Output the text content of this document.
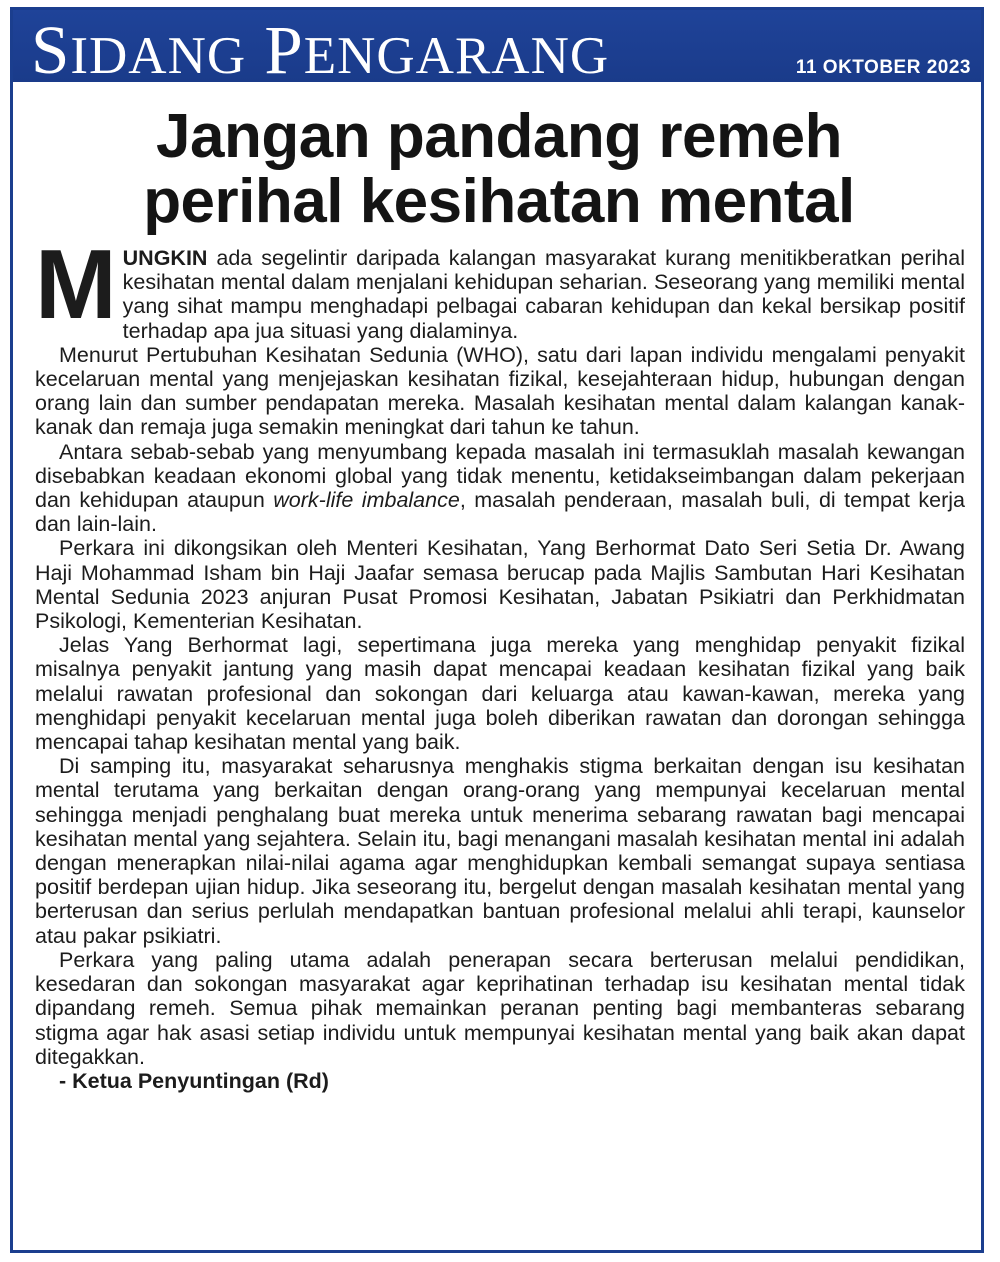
SIDANG PENGARANG	11 OKTOBER 2023
Jangan pandang remeh
perihal kesihatan mental

MUNGKIN ada segelintir daripada kalangan masyarakat kurang menitikberatkan perihal kesihatan mental dalam menjalani kehidupan seharian. Seseorang yang memiliki mental yang sihat mampu menghadapi pelbagai cabaran kehidupan dan kekal bersikap positif terhadap apa jua situasi yang dialaminya.

Menurut Pertubuhan Kesihatan Sedunia (WHO), satu dari lapan individu mengalami penyakit kecelaruan mental yang menjejaskan kesihatan fizikal, kesejahteraan hidup, hubungan dengan orang lain dan sumber pendapatan mereka. Masalah kesihatan mental dalam kalangan kanak-kanak dan remaja juga semakin meningkat dari tahun ke tahun.

Antara sebab-sebab yang menyumbang kepada masalah ini termasuklah masalah kewangan disebabkan keadaan ekonomi global yang tidak menentu, ketidakseimbangan dalam pekerjaan dan kehidupan ataupun work-life imbalance, masalah penderaan, masalah buli, di tempat kerja dan lain-lain.

Perkara ini dikongsikan oleh Menteri Kesihatan, Yang Berhormat Dato Seri Setia Dr. Awang Haji Mohammad Isham bin Haji Jaafar semasa berucap pada Majlis Sambutan Hari Kesihatan Mental Sedunia 2023 anjuran Pusat Promosi Kesihatan, Jabatan Psikiatri dan Perkhidmatan Psikologi, Kementerian Kesihatan.

Jelas Yang Berhormat lagi, sepertimana juga mereka yang menghidap penyakit fizikal misalnya penyakit jantung yang masih dapat mencapai keadaan kesihatan fizikal yang baik melalui rawatan profesional dan sokongan dari keluarga atau kawan-kawan, mereka yang menghidapi penyakit kecelaruan mental juga boleh diberikan rawatan dan dorongan sehingga mencapai tahap kesihatan mental yang baik.

Di samping itu, masyarakat seharusnya menghakis stigma berkaitan dengan isu kesihatan mental terutama yang berkaitan dengan orang-orang yang mempunyai kecelaruan mental sehingga menjadi penghalang buat mereka untuk menerima sebarang rawatan bagi mencapai kesihatan mental yang sejahtera. Selain itu, bagi menangani masalah kesihatan mental ini adalah dengan menerapkan nilai-nilai agama agar menghidupkan kembali semangat supaya sentiasa positif berdepan ujian hidup. Jika seseorang itu, bergelut dengan masalah kesihatan mental yang berterusan dan serius perlulah mendapatkan bantuan profesional melalui ahli terapi, kaunselor atau pakar psikiatri.

Perkara yang paling utama adalah penerapan secara berterusan melalui pendidikan, kesedaran dan sokongan masyarakat agar keprihatinan terhadap isu kesihatan mental tidak dipandang remeh. Semua pihak memainkan peranan penting bagi membanteras sebarang stigma agar hak asasi setiap individu untuk mempunyai kesihatan mental yang baik akan dapat ditegakkan.

- Ketua Penyuntingan (Rd)
